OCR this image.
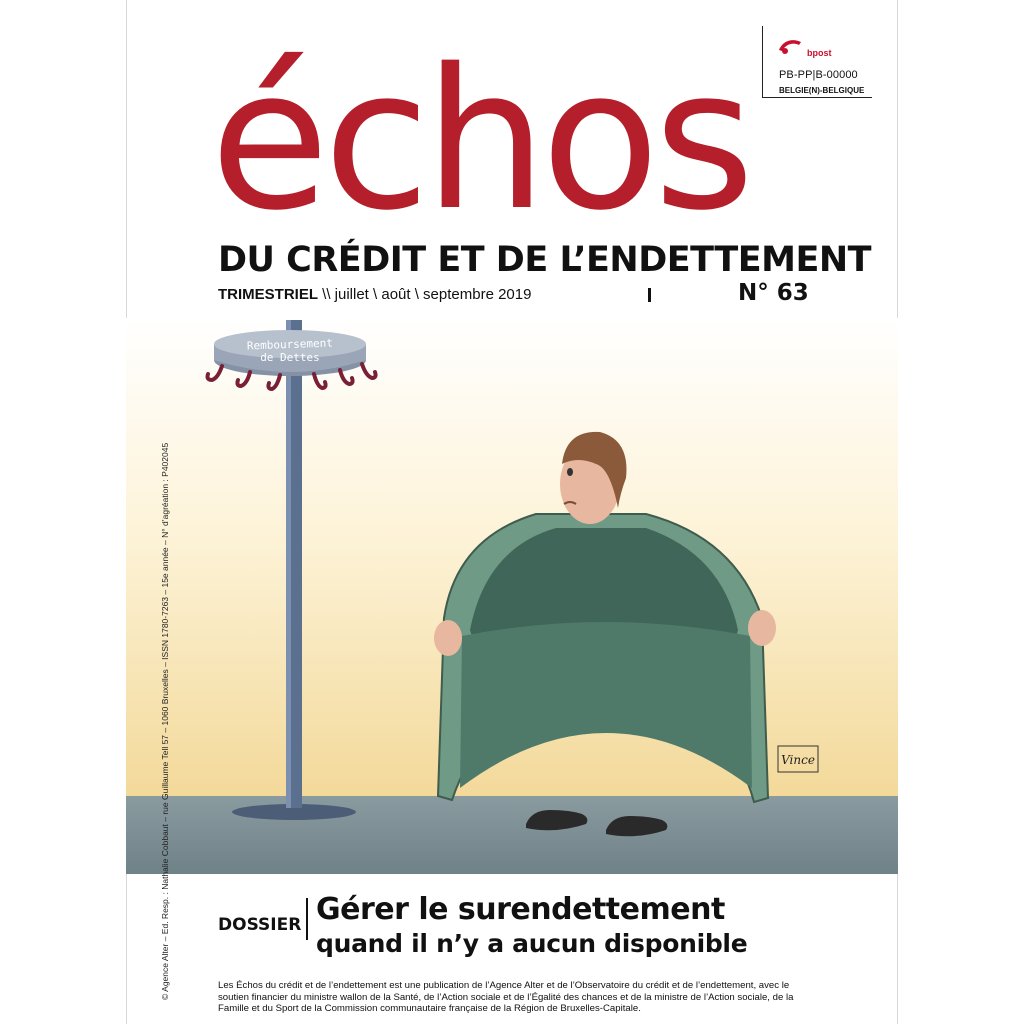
bpost
PB-PP|B-00000
BELGIE(N)-BELGIQUE
échos
DU CRÉDIT ET DE L’ENDETTEMENT
TRIMESTRIEL \\ juillet \ août \ septembre 2019	N° 63
Remboursement
de Dettes
Vince
© Agence Alter – Ed. Resp. : Nathalie Cobbaut – rue Guillaume Tell 57 – 1060 Bruxelles – ISSN 1780-7263 – 15e année – N° d’agréation : P402045	DOSSIER Gérer le surendettement
quand il n’y a aucun disponible
Les Échos du crédit et de l’endettement est une publication de l’Agence Alter et de l’Observatoire du crédit et de l’endettement, avec le soutien financier du ministre wallon de la Santé, de l’Action sociale et de l’Égalité des chances et de la ministre de l’Action sociale, de la Famille et du Sport de la Commission communautaire française de la Région de Bruxelles-Capitale.
